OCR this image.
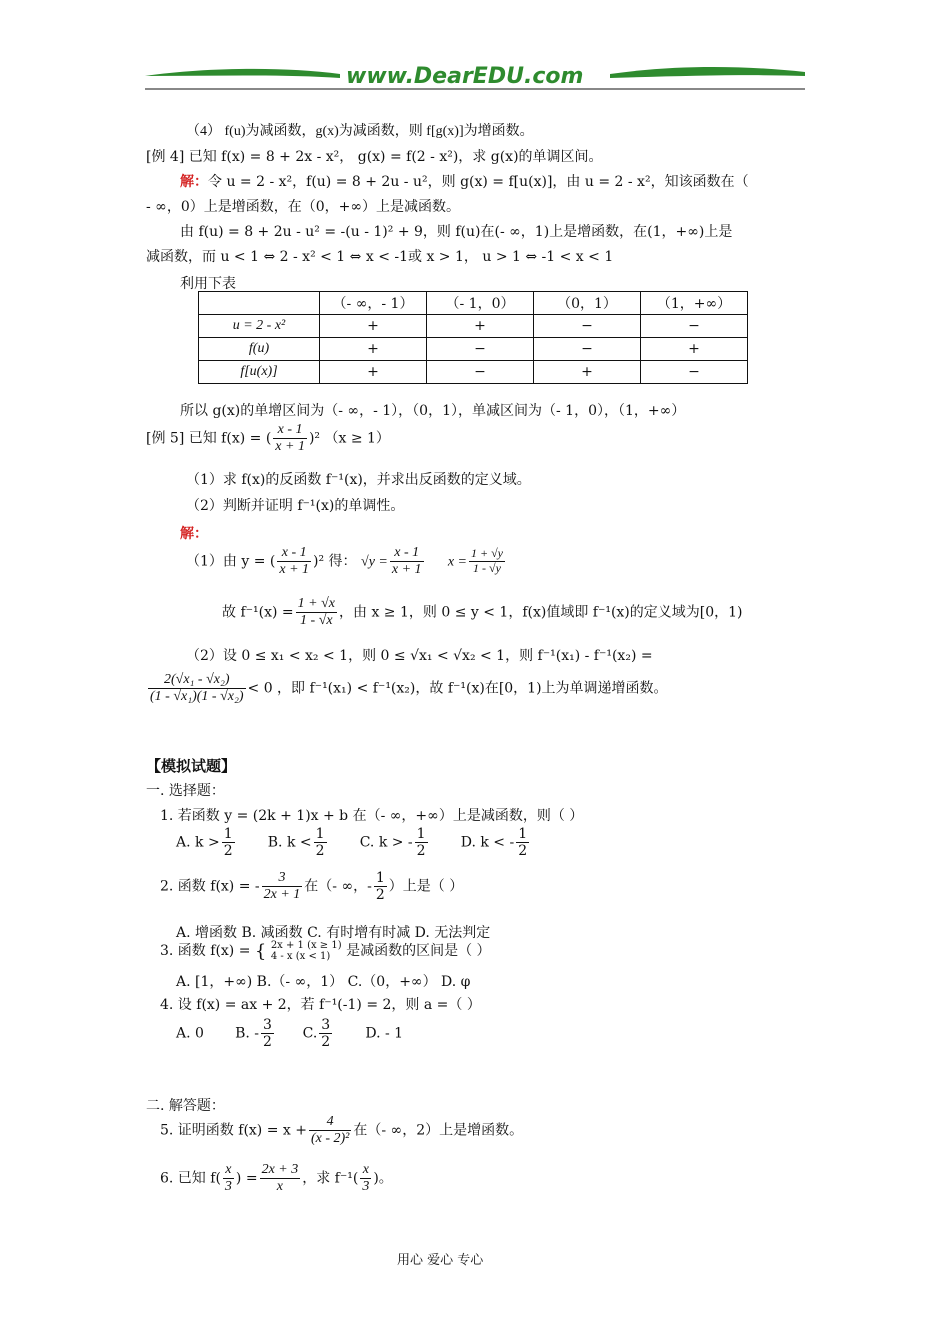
www.DearEDU.com
（4） f(u)为减函数，g(x)为减函数，则 f[g(x)]为增函数。
[例 4] 已知 f(x) = 8 + 2x - x²， g(x) = f(2 - x²)，求 g(x)的单调区间。
解：令 u = 2 - x²，f(u) = 8 + 2u - u²，则 g(x) = f[u(x)]，由 u = 2 - x²，知该函数在（
- ∞，0）上是增函数，在（0，+∞）上是减函数。
由 f(u) = 8 + 2u - u² = -(u - 1)² + 9，则 f(u)在(- ∞，1)上是增函数，在(1，+∞)上是
减函数，而 u < 1 ⇔ 2 - x² < 1 ⇔ x < -1或 x > 1， u > 1 ⇔ -1 < x < 1
利用下表
	（- ∞，- 1）	（- 1，0）	（0，1）	（1，+∞）
u = 2 - x²	+	+	−	−
f(u)	+	−	−	+
f[u(x)]	+	−	+	−
所以 g(x)的单增区间为（- ∞，- 1），（0，1），单减区间为（- 1，0），（1，+∞）
[例 5] 已知 f(x) = ( $\frac{x - 1}{x + 1} )^2$ （x ≥ 1）
（1）求 f(x)的反函数 f⁻¹(x)，并求出反函数的定义域。
（2）判断并证明 f⁻¹(x)的单调性。
解：
（1）由 y = ( $\frac{x - 1}{x + 1} )^2$ 得： $√y = \frac{x - 1}{x + 1}$ $x = \frac{1 + √y}{1 - √y}$
故 $f^{-1}(x) = \frac{1 + √x}{1 - √x}$ ，由 x ≥ 1，则 0 ≤ y < 1，f(x)值域即 f⁻¹(x)的定义域为[0，1)
（2）设 0 ≤ x₁ < x₂ < 1，则 0 ≤ √x₁ < √x₂ < 1，则 f⁻¹(x₁) - f⁻¹(x₂) =
$\frac{\text{2(√x₁ - √x₂)}}{\text{(1 - √x₁)(1 - √x₂)}} < 0$ ，即 f⁻¹(x₁) < f⁻¹(x₂)，故 f⁻¹(x)在[0，1)上为单调递增函数。
【模拟试题】
一. 选择题：
1. 若函数 y = (2k + 1)x + b 在（- ∞，+∞）上是减函数，则（ ）
A. $k > \frac{1}{2} B$. $k < \frac{1}{2} C$. k > - $\frac{1}{2} D$. k < - $\frac{1}{2}$
2. 函数 f(x) = - $\frac{3}{2x + 1}$ 在（- ∞，- $\frac{1}{2}$ ）上是（ ）
A. 增函数 B. 减函数 C. 有时增有时减 D. 无法判定
3. 函数 f(x) = { 2x + 1 (x ≥ 1)
4 - x (x < 1)	是减函数的区间是（ ）
A. [1，+∞) B.（- ∞，1） C.（0，+∞） D. φ
4. 设 f(x) = ax + 2，若 f⁻¹(-1) = 2，则 a =（ ）
A. 0 B. - $\frac{3}{2} C$. $\frac{3}{2} D$. - 1
二. 解答题：
5. 证明函数 $f(x) = x + \frac{4}{\text{(x - 2)²}}$ 在（- ∞，2）上是增函数。
6. 已知 $f( \frac{x}{3}$ ) = $\frac{2x + 3}{x}$ ，求 $f^{-1}( \frac{x}{3}$ )。
用心 爱心 专心
